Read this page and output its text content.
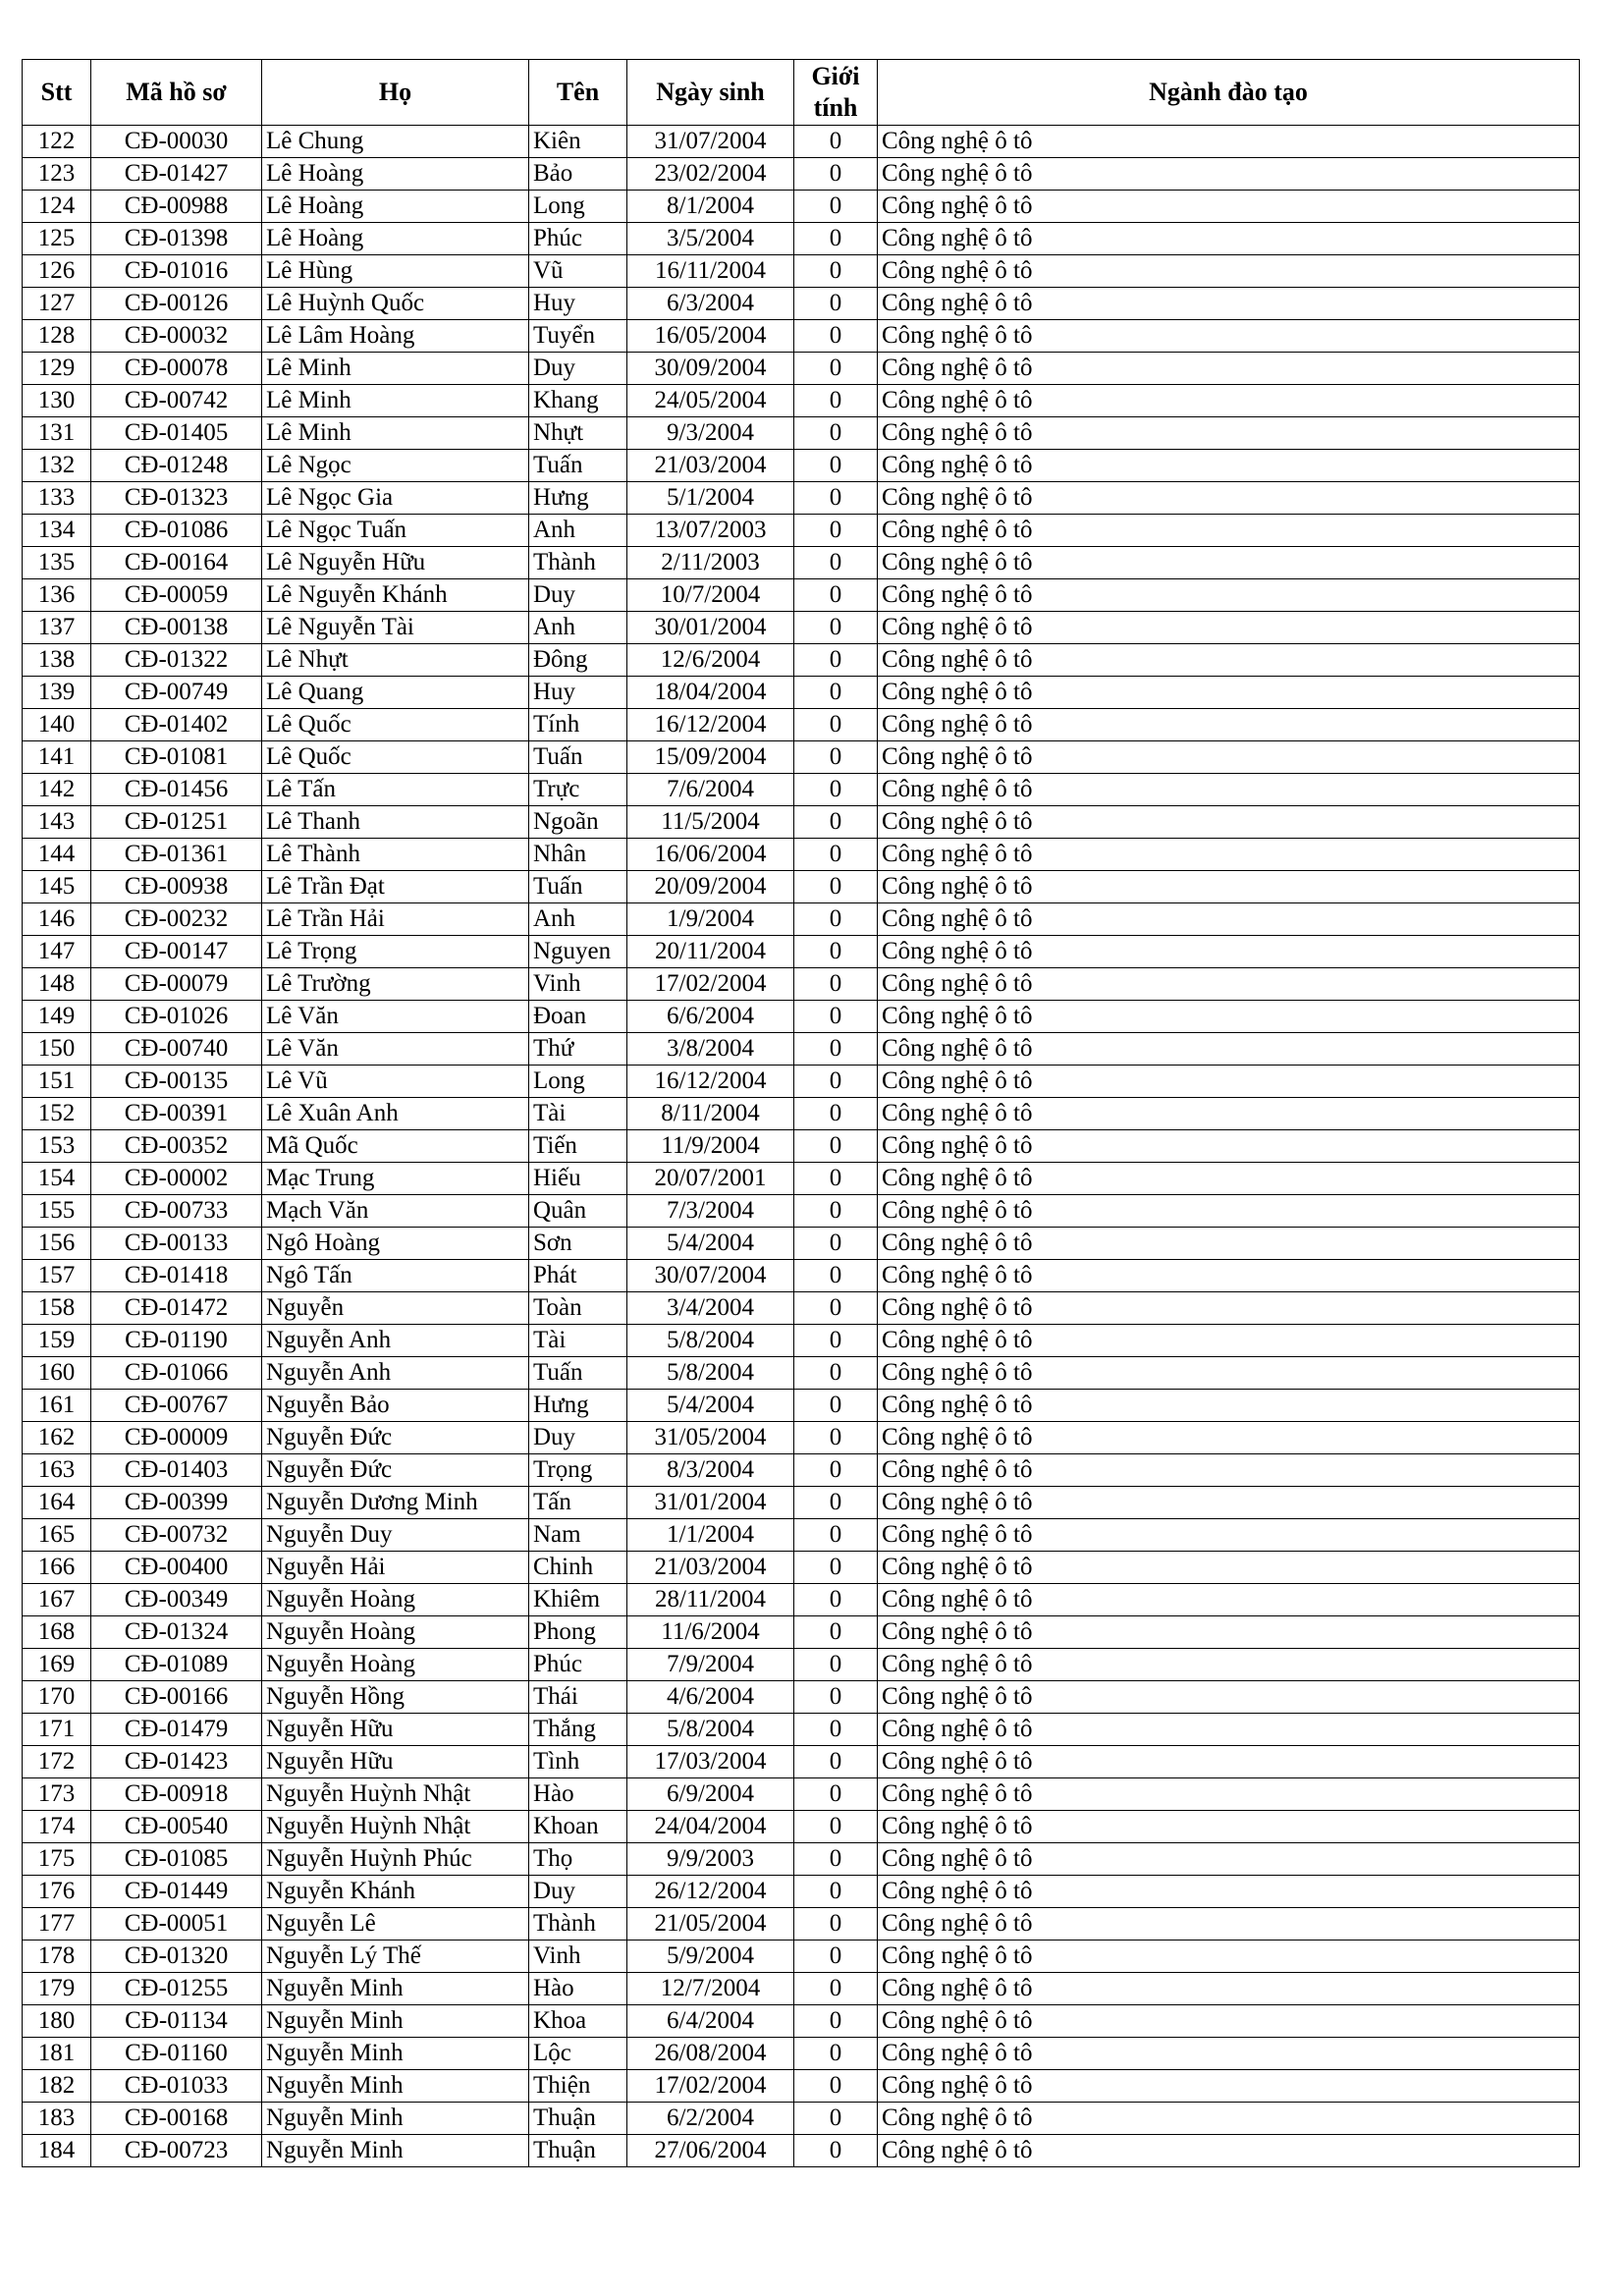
Stt	Mã hồ sơ	Họ	Tên	Ngày sinh	Giới tính	Ngành đào tạo
122	CĐ-00030	Lê Chung	Kiên	31/07/2004	0	Công nghệ ô tô
123	CĐ-01427	Lê Hoàng	Bảo	23/02/2004	0	Công nghệ ô tô
124	CĐ-00988	Lê Hoàng	Long	8/1/2004	0	Công nghệ ô tô
125	CĐ-01398	Lê Hoàng	Phúc	3/5/2004	0	Công nghệ ô tô
126	CĐ-01016	Lê Hùng	Vũ	16/11/2004	0	Công nghệ ô tô
127	CĐ-00126	Lê Huỳnh Quốc	Huy	6/3/2004	0	Công nghệ ô tô
128	CĐ-00032	Lê Lâm Hoàng	Tuyển	16/05/2004	0	Công nghệ ô tô
129	CĐ-00078	Lê Minh	Duy	30/09/2004	0	Công nghệ ô tô
130	CĐ-00742	Lê Minh	Khang	24/05/2004	0	Công nghệ ô tô
131	CĐ-01405	Lê Minh	Nhựt	9/3/2004	0	Công nghệ ô tô
132	CĐ-01248	Lê Ngọc	Tuấn	21/03/2004	0	Công nghệ ô tô
133	CĐ-01323	Lê Ngọc Gia	Hưng	5/1/2004	0	Công nghệ ô tô
134	CĐ-01086	Lê Ngọc Tuấn	Anh	13/07/2003	0	Công nghệ ô tô
135	CĐ-00164	Lê Nguyễn Hữu	Thành	2/11/2003	0	Công nghệ ô tô
136	CĐ-00059	Lê Nguyễn Khánh	Duy	10/7/2004	0	Công nghệ ô tô
137	CĐ-00138	Lê Nguyễn Tài	Anh	30/01/2004	0	Công nghệ ô tô
138	CĐ-01322	Lê Nhựt	Đông	12/6/2004	0	Công nghệ ô tô
139	CĐ-00749	Lê Quang	Huy	18/04/2004	0	Công nghệ ô tô
140	CĐ-01402	Lê Quốc	Tính	16/12/2004	0	Công nghệ ô tô
141	CĐ-01081	Lê Quốc	Tuấn	15/09/2004	0	Công nghệ ô tô
142	CĐ-01456	Lê Tấn	Trực	7/6/2004	0	Công nghệ ô tô
143	CĐ-01251	Lê Thanh	Ngoãn	11/5/2004	0	Công nghệ ô tô
144	CĐ-01361	Lê Thành	Nhân	16/06/2004	0	Công nghệ ô tô
145	CĐ-00938	Lê Trần Đạt	Tuấn	20/09/2004	0	Công nghệ ô tô
146	CĐ-00232	Lê Trần Hải	Anh	1/9/2004	0	Công nghệ ô tô
147	CĐ-00147	Lê Trọng	Nguyen	20/11/2004	0	Công nghệ ô tô
148	CĐ-00079	Lê Trường	Vinh	17/02/2004	0	Công nghệ ô tô
149	CĐ-01026	Lê Văn	Đoan	6/6/2004	0	Công nghệ ô tô
150	CĐ-00740	Lê Văn	Thứ	3/8/2004	0	Công nghệ ô tô
151	CĐ-00135	Lê Vũ	Long	16/12/2004	0	Công nghệ ô tô
152	CĐ-00391	Lê Xuân Anh	Tài	8/11/2004	0	Công nghệ ô tô
153	CĐ-00352	Mã Quốc	Tiến	11/9/2004	0	Công nghệ ô tô
154	CĐ-00002	Mạc Trung	Hiếu	20/07/2001	0	Công nghệ ô tô
155	CĐ-00733	Mạch Văn	Quân	7/3/2004	0	Công nghệ ô tô
156	CĐ-00133	Ngô Hoàng	Sơn	5/4/2004	0	Công nghệ ô tô
157	CĐ-01418	Ngô Tấn	Phát	30/07/2004	0	Công nghệ ô tô
158	CĐ-01472	Nguyễn	Toàn	3/4/2004	0	Công nghệ ô tô
159	CĐ-01190	Nguyễn Anh	Tài	5/8/2004	0	Công nghệ ô tô
160	CĐ-01066	Nguyễn Anh	Tuấn	5/8/2004	0	Công nghệ ô tô
161	CĐ-00767	Nguyễn Bảo	Hưng	5/4/2004	0	Công nghệ ô tô
162	CĐ-00009	Nguyễn Đức	Duy	31/05/2004	0	Công nghệ ô tô
163	CĐ-01403	Nguyễn Đức	Trọng	8/3/2004	0	Công nghệ ô tô
164	CĐ-00399	Nguyễn Dương Minh	Tấn	31/01/2004	0	Công nghệ ô tô
165	CĐ-00732	Nguyễn Duy	Nam	1/1/2004	0	Công nghệ ô tô
166	CĐ-00400	Nguyễn Hải	Chinh	21/03/2004	0	Công nghệ ô tô
167	CĐ-00349	Nguyễn Hoàng	Khiêm	28/11/2004	0	Công nghệ ô tô
168	CĐ-01324	Nguyễn Hoàng	Phong	11/6/2004	0	Công nghệ ô tô
169	CĐ-01089	Nguyễn Hoàng	Phúc	7/9/2004	0	Công nghệ ô tô
170	CĐ-00166	Nguyễn Hồng	Thái	4/6/2004	0	Công nghệ ô tô
171	CĐ-01479	Nguyễn Hữu	Thắng	5/8/2004	0	Công nghệ ô tô
172	CĐ-01423	Nguyễn Hữu	Tình	17/03/2004	0	Công nghệ ô tô
173	CĐ-00918	Nguyễn Huỳnh Nhật	Hào	6/9/2004	0	Công nghệ ô tô
174	CĐ-00540	Nguyễn Huỳnh Nhật	Khoan	24/04/2004	0	Công nghệ ô tô
175	CĐ-01085	Nguyễn Huỳnh Phúc	Thọ	9/9/2003	0	Công nghệ ô tô
176	CĐ-01449	Nguyễn Khánh	Duy	26/12/2004	0	Công nghệ ô tô
177	CĐ-00051	Nguyễn Lê	Thành	21/05/2004	0	Công nghệ ô tô
178	CĐ-01320	Nguyễn Lý Thế	Vinh	5/9/2004	0	Công nghệ ô tô
179	CĐ-01255	Nguyễn Minh	Hào	12/7/2004	0	Công nghệ ô tô
180	CĐ-01134	Nguyễn Minh	Khoa	6/4/2004	0	Công nghệ ô tô
181	CĐ-01160	Nguyễn Minh	Lộc	26/08/2004	0	Công nghệ ô tô
182	CĐ-01033	Nguyễn Minh	Thiện	17/02/2004	0	Công nghệ ô tô
183	CĐ-00168	Nguyễn Minh	Thuận	6/2/2004	0	Công nghệ ô tô
184	CĐ-00723	Nguyễn Minh	Thuận	27/06/2004	0	Công nghệ ô tô
